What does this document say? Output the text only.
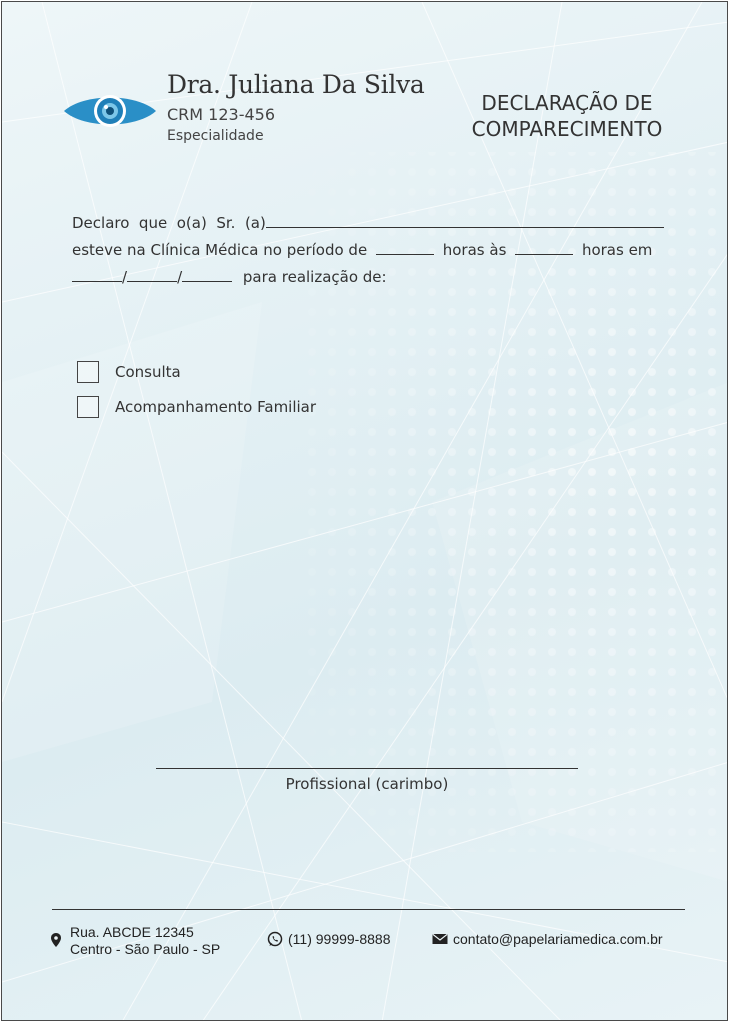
Dra. Juliana Da Silva
CRM 123-456
Especialidade
DECLARAÇÃO DE
COMPARECIMENTO
Declaro  que  o(a)  Sr.  (a)
esteve na Clínica Médica no período de	horas às	horas em
/	/	para realização de:
Consulta
Acompanhamento Familiar
Profissional (carimbo)
Rua. ABCDE 12345
Centro - São Paulo - SP
(11) 99999-8888	contato@papelariamedica.com.br
